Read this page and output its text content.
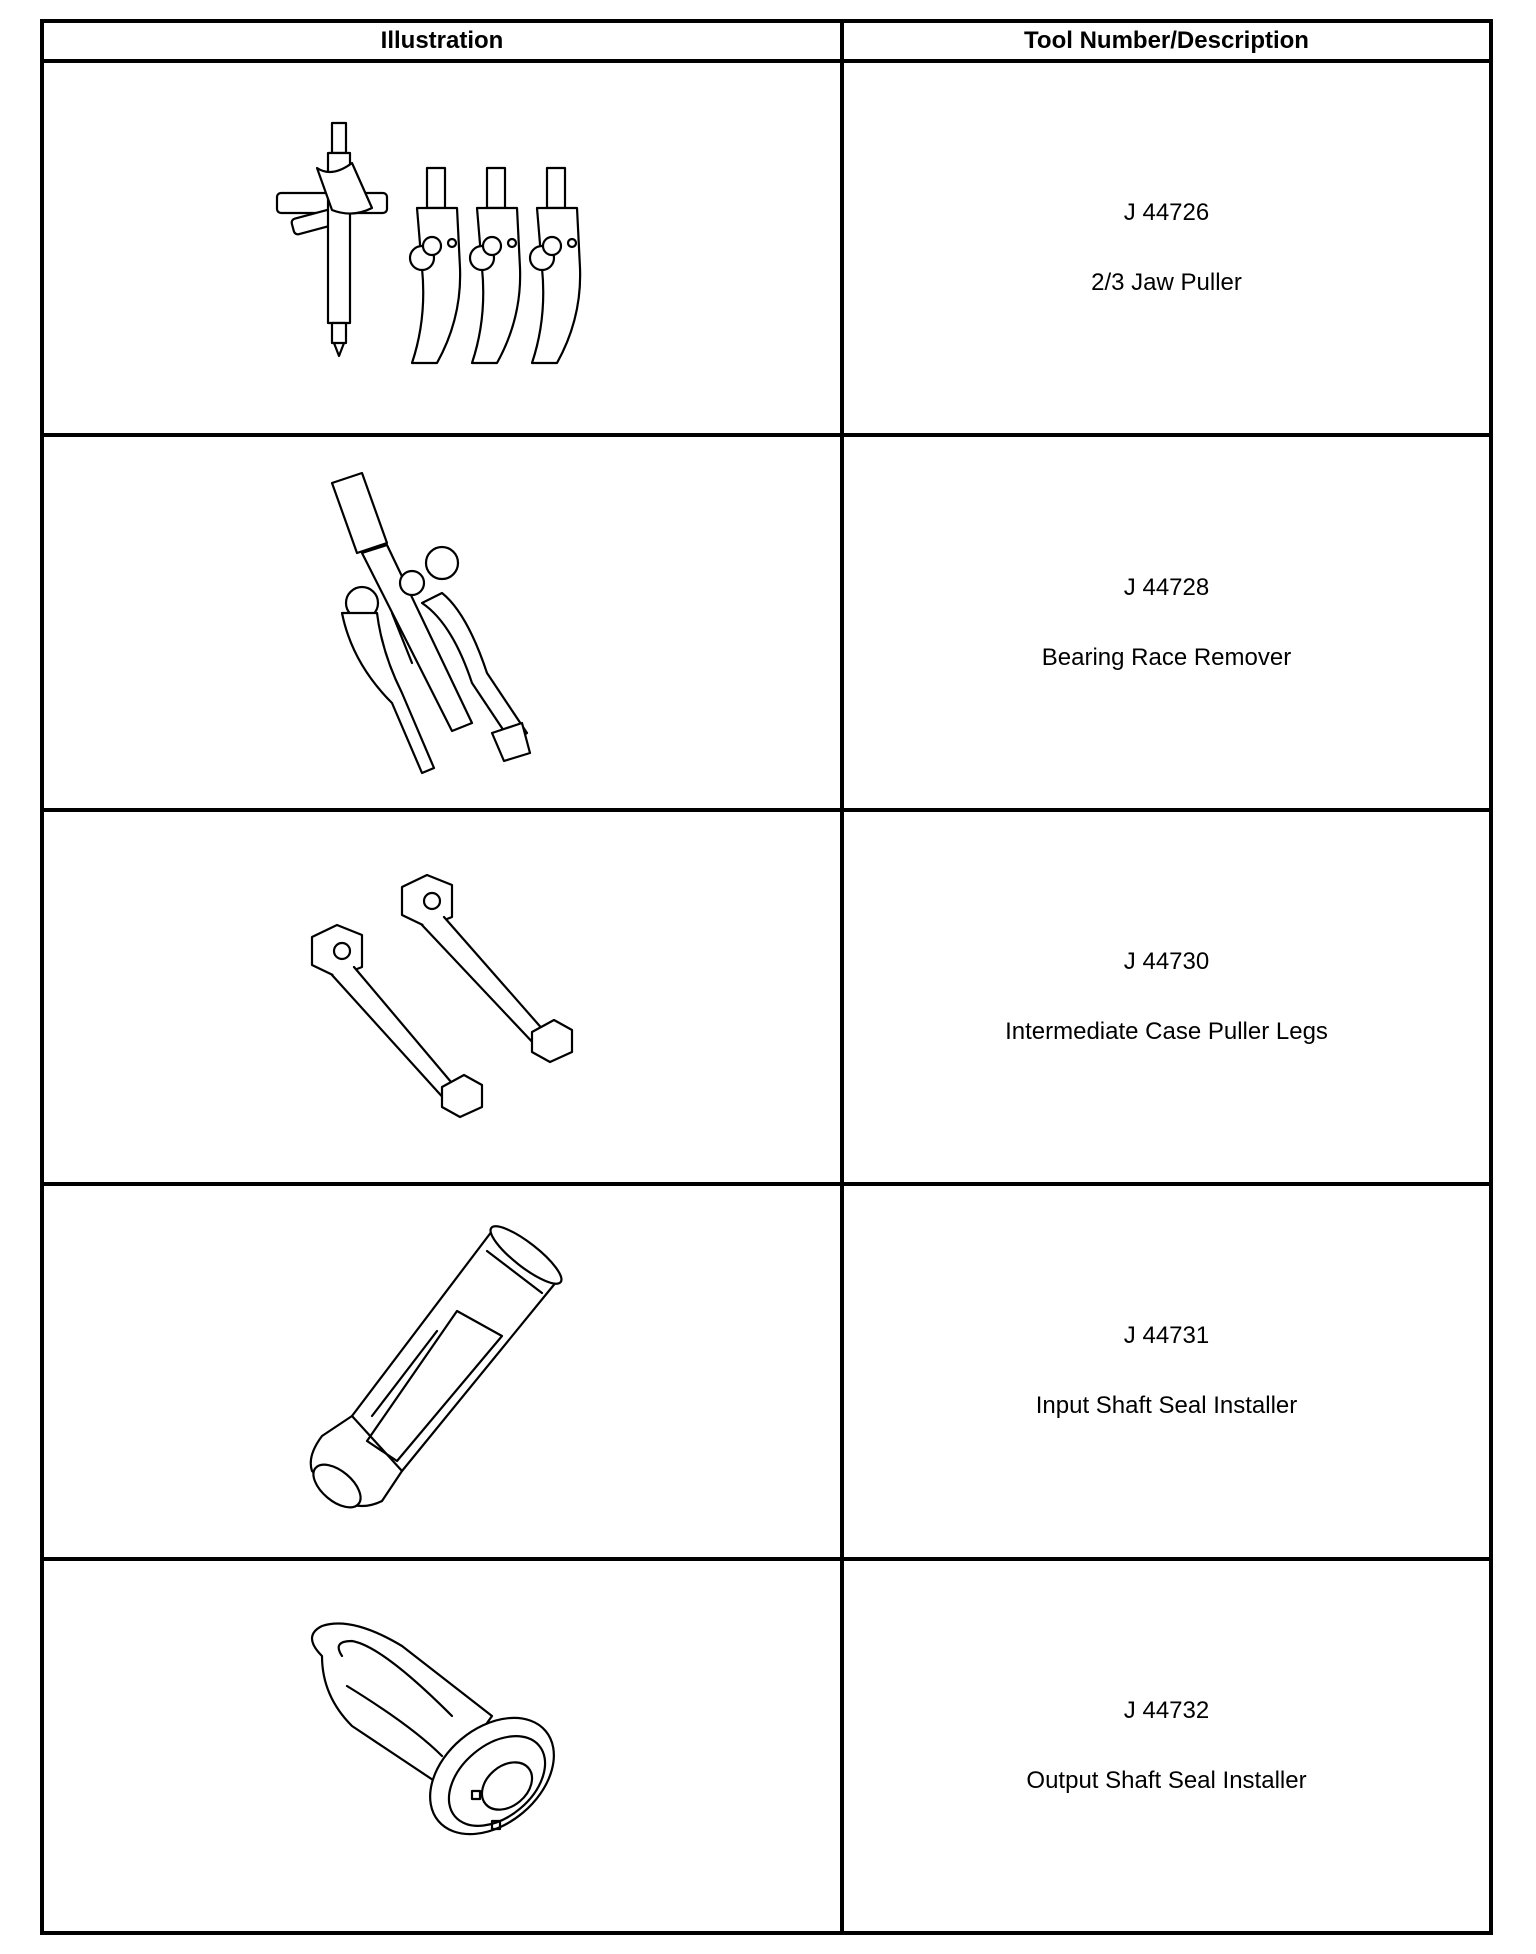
Illustration	Tool Number/Description

J 44726
2/3 Jaw Puller

J 44728
Bearing Race Remover

J 44730
Intermediate Case Puller Legs

J 44731
Input Shaft Seal Installer

J 44732
Output Shaft Seal Installer
